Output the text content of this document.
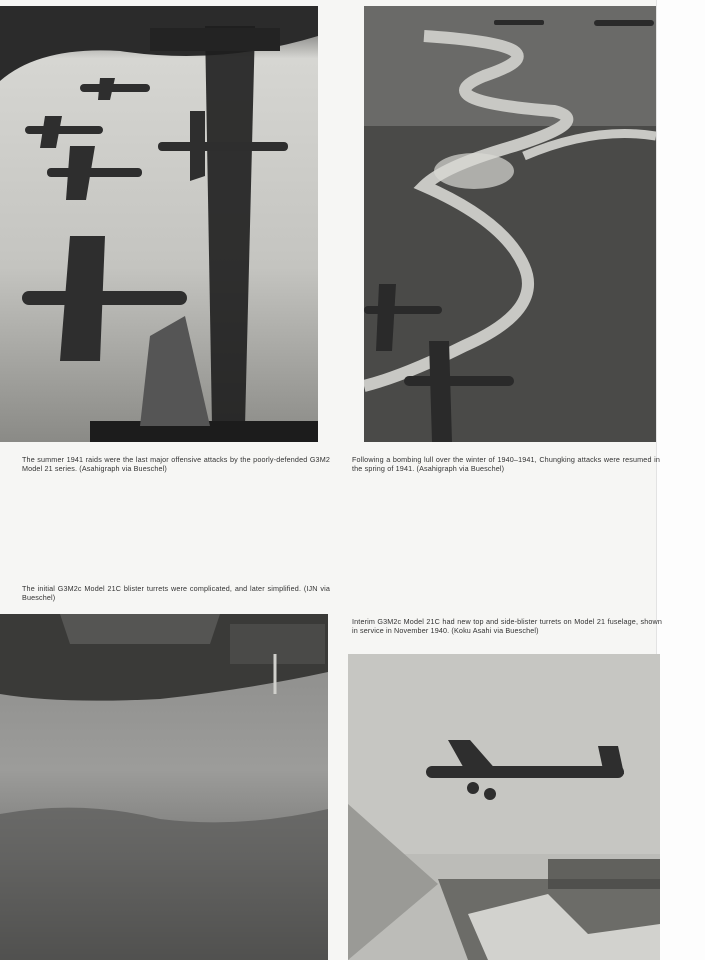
The summer 1941 raids were the last major offensive attacks by the poorly-defended G3M2 Model 21 series. (Asahigraph via Bueschel)

Following a bombing lull over the winter of 1940–1941, Chungking attacks were resumed in the spring of 1941. (Asahigraph via Bueschel)

The initial G3M2c Model 21C blister turrets were complicated, and later simplified. (IJN via Bueschel)

Interim G3M2c Model 21C had new top and side-blister turrets on Model 21 fuselage, shown in service in November 1940. (Koku Asahi via Bueschel)
